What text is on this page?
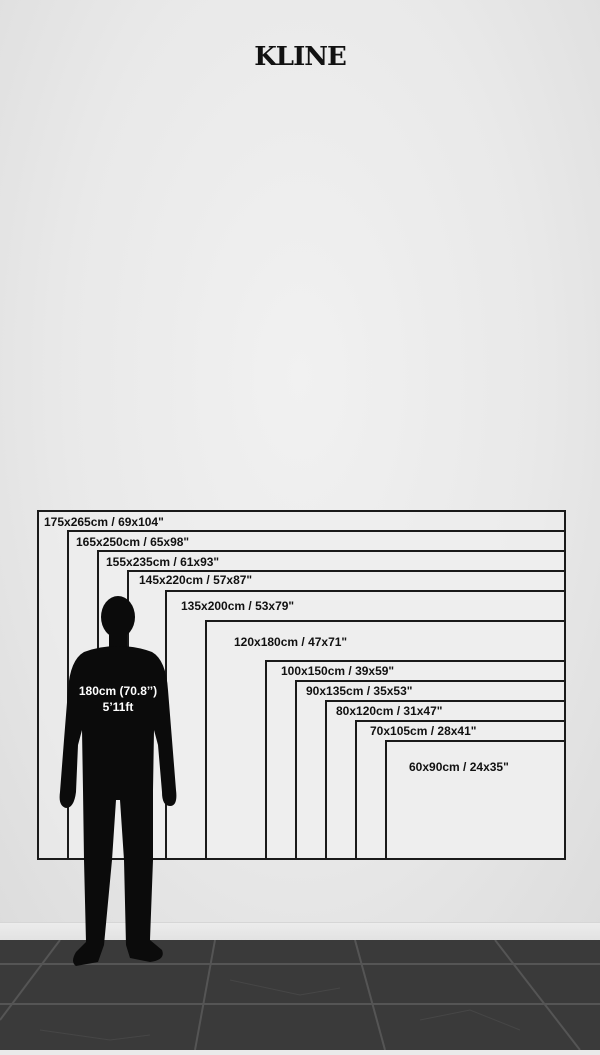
KLINE
175x265cm / 69x104"
165x250cm / 65x98"
155x235cm / 61x93"
145x220cm / 57x87"
135x200cm / 53x79"
120x180cm / 47x71"
100x150cm / 39x59"
90x135cm / 35x53"
80x120cm / 31x47"
70x105cm / 28x41"
60x90cm / 24x35"
180cm (70.8’’)
5’11ft
